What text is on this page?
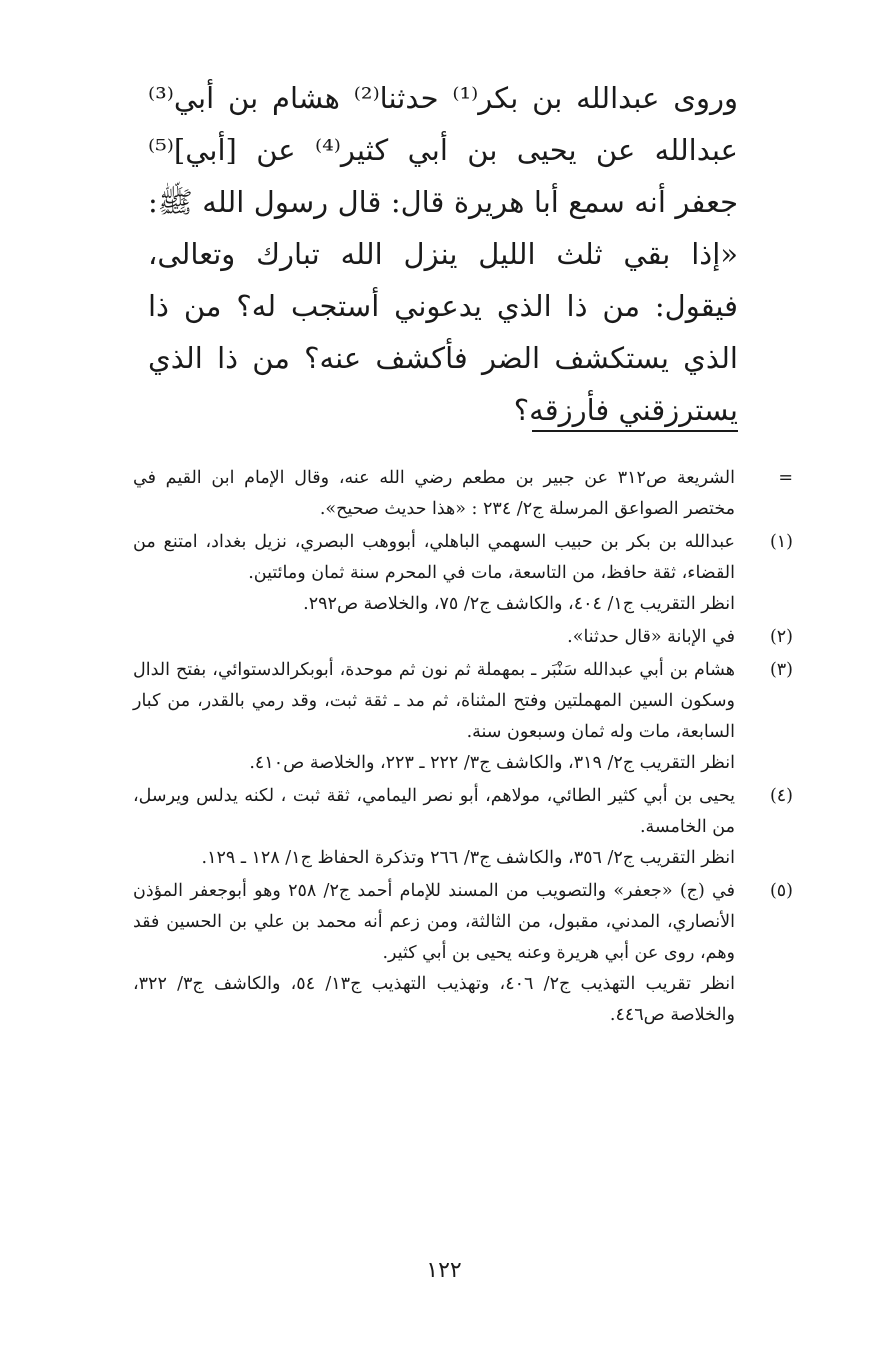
وروى عبدالله بن بكر⁽¹⁾ حدثنا⁽²⁾ هشام بن أبي⁽³⁾ عبدالله عن يحيى بن أبي كثير⁽⁴⁾ عن [أبي]⁽⁵⁾ جعفر أنه سمع أبا هريرة قال: قال رسول الله ﷺ: «إذا بقي ثلث الليل ينزل الله تبارك وتعالى، فيقول: من ذا الذي يدعوني أستجب له؟ من ذا الذي يستكشف الضر فأكشف عنه؟ من ذا الذي يسترزقني فأرزقه؟

=

الشريعة ص٣١٢ عن جبير بن مطعم رضي الله عنه، وقال الإمام ابن القيم في مختصر الصواعق المرسلة ج٢/ ٢٣٤ : «هذا حديث صحيح».

(١)

عبدالله بن بكر بن حبيب السهمي الباهلي، أبووهب البصري، نزيل بغداد، امتنع من القضاء، ثقة حافظ، من التاسعة، مات في المحرم سنة ثمان ومائتين.

انظر التقريب ج١/ ٤٠٤، والكاشف ج٢/ ٧٥، والخلاصة ص٢٩٢.

(٢)

في الإبانة «قال حدثنا».

(٣)

هشام بن أبي عبدالله سَنْبَر ـ بمهملة ثم نون ثم موحدة، أبوبكرالدستوائي، بفتح الدال وسكون السين المهملتين وفتح المثناة، ثم مد ـ ثقة ثبت، وقد رمي بالقدر، من كبار السابعة، مات وله ثمان وسبعون سنة.

انظر التقريب ج٢/ ٣١٩، والكاشف ج٣/ ٢٢٢ ـ ٢٢٣، والخلاصة ص٤١٠.

(٤)

يحيى بن أبي كثير الطائي، مولاهم، أبو نصر اليمامي، ثقة ثبت ، لكنه يدلس ويرسل، من الخامسة.

انظر التقريب ج٢/ ٣٥٦، والكاشف ج٣/ ٢٦٦ وتذكرة الحفاظ ج١/ ١٢٨ ـ ١٢٩.

(٥)

في (ج) «جعفر» والتصويب من المسند للإمام أحمد ج٢/ ٢٥٨ وهو أبوجعفر المؤذن الأنصاري، المدني، مقبول، من الثالثة، ومن زعم أنه محمد بن علي بن الحسين فقد وهم، روى عن أبي هريرة وعنه يحيى بن أبي كثير.

انظر تقريب التهذيب ج٢/ ٤٠٦، وتهذيب التهذيب ج١٣/ ٥٤، والكاشف ج٣/ ٣٢٢، والخلاصة ص٤٤٦.

١٢٢
